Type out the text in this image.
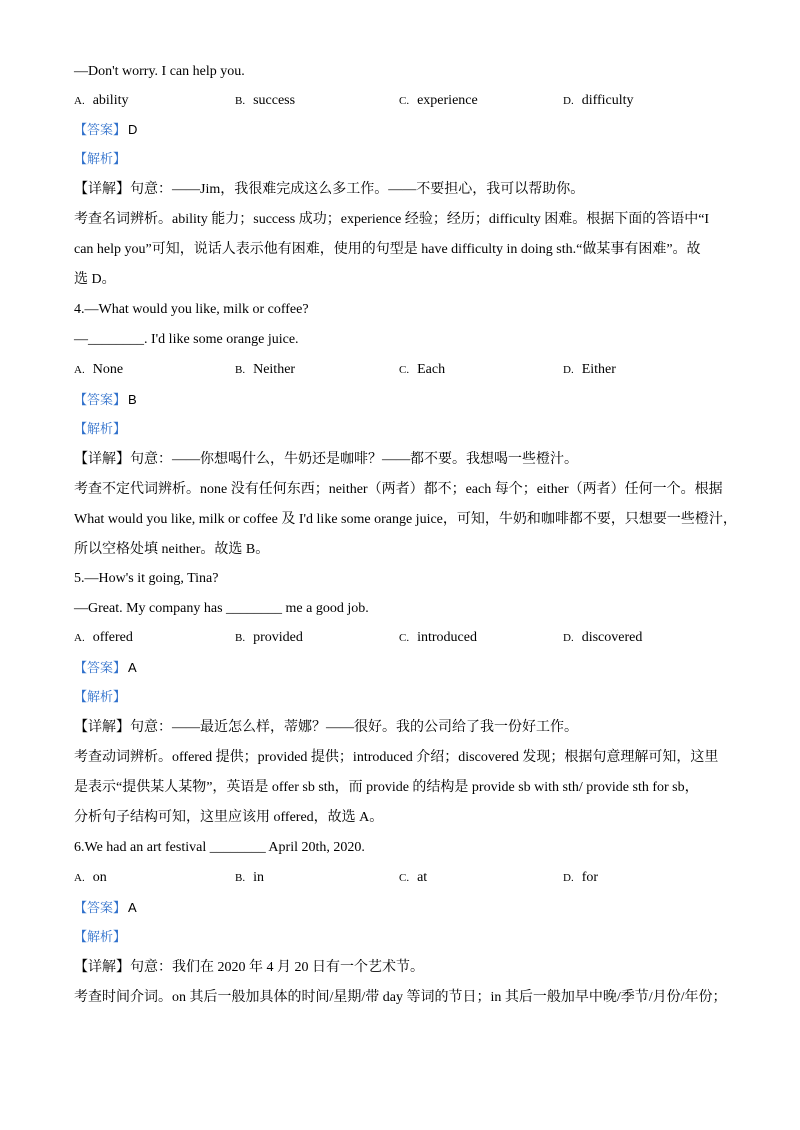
—Don't worry. I can help you.
A. ability	B. success	C. experience	D. difficulty
【答案】 D
【解析】
【详解】句意：——Jim，我很难完成这么多工作。——不要担心，我可以帮助你。
考查名词辨析。ability 能力；success 成功；experience 经验；经历；difficulty 困难。根据下面的答语中“I
can help you”可知，说话人表示他有困难，使用的句型是 have difficulty in doing sth.“做某事有困难”。故
选 D。
4.—What would you like, milk or coffee?
—________. I'd like some orange juice.
A. None	B. Neither	C. Each	D. Either
【答案】 B
【解析】
【详解】句意：——你想喝什么，牛奶还是咖啡？——都不要。我想喝一些橙汁。
考查不定代词辨析。none 没有任何东西；neither（两者）都不；each 每个；either（两者）任何一个。根据
What would you like, milk or coffee 及 I'd like some orange juice，可知，牛奶和咖啡都不要，只想要一些橙汁，
所以空格处填 neither。故选 B。
5.—How's it going, Tina?
—Great. My company has ________ me a good job.
A. offered	B. provided	C. introduced	D. discovered
【答案】 A
【解析】
【详解】句意：——最近怎么样，蒂娜？——很好。我的公司给了我一份好工作。
考查动词辨析。offered 提供；provided 提供；introduced 介绍；discovered 发现；根据句意理解可知，这里
是表示“提供某人某物”，英语是 offer sb sth，而 provide 的结构是 provide sb with sth/ provide sth for sb，
分析句子结构可知，这里应该用 offered，故选 A。
6.We had an art festival ________ April 20th, 2020.
A. on	B. in	C. at	D. for
【答案】 A
【解析】
【详解】句意：我们在 2020 年 4 月 20 日有一个艺术节。
考查时间介词。on 其后一般加具体的时间/星期/带 day 等词的节日；in 其后一般加早中晚/季节/月份/年份；
